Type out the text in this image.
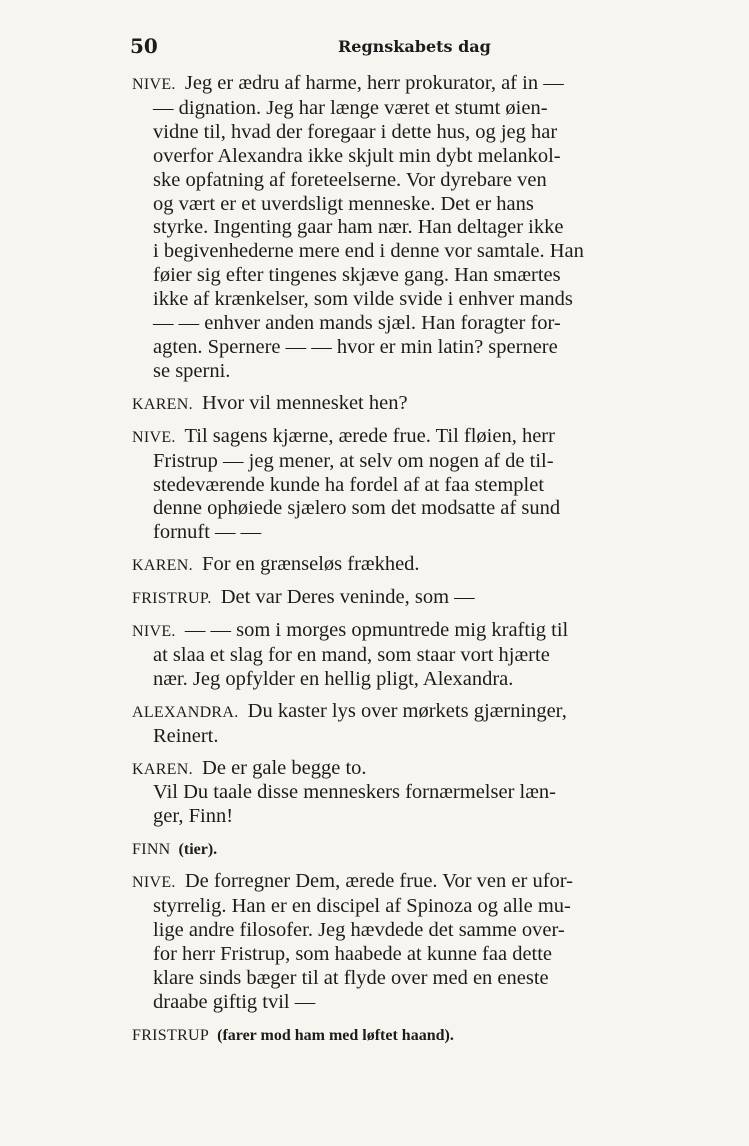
50	Regnskabets dag
NIVE. Jeg er ædru af harme, herr prokurator, af in —
— dignation. Jeg har længe været et stumt øien-
vidne til, hvad der foregaar i dette hus, og jeg har
overfor Alexandra ikke skjult min dybt melankol-
ske opfatning af foreteelserne. Vor dyrebare ven
og vært er et uverdsligt menneske. Det er hans
styrke. Ingenting gaar ham nær. Han deltager ikke
i begivenhederne mere end i denne vor samtale. Han
føier sig efter tingenes skjæve gang. Han smærtes
ikke af krænkelser, som vilde svide i enhver mands
— — enhver anden mands sjæl. Han foragter for-
agten. Spernere — — hvor er min latin? spernere
se sperni.
KAREN. Hvor vil mennesket hen?
NIVE. Til sagens kjærne, ærede frue. Til fløien, herr
Fristrup — jeg mener, at selv om nogen af de til-
stedeværende kunde ha fordel af at faa stemplet
denne ophøiede sjælero som det modsatte af sund
fornuft — —
KAREN. For en grænseløs frækhed.
FRISTRUP. Det var Deres veninde, som —
NIVE. — — som i morges opmuntrede mig kraftig til
at slaa et slag for en mand, som staar vort hjærte
nær. Jeg opfylder en hellig pligt, Alexandra.
ALEXANDRA. Du kaster lys over mørkets gjærninger,
Reinert.
KAREN. De er gale begge to.
Vil Du taale disse menneskers fornærmelser læn-
ger, Finn!
FINN (tier).
NIVE. De forregner Dem, ærede frue. Vor ven er ufor-
styrrelig. Han er en discipel af Spinoza og alle mu-
lige andre filosofer. Jeg hævdede det samme over-
for herr Fristrup, som haabede at kunne faa dette
klare sinds bæger til at flyde over med en eneste
draabe giftig tvil —
FRISTRUP (farer mod ham med løftet haand).
